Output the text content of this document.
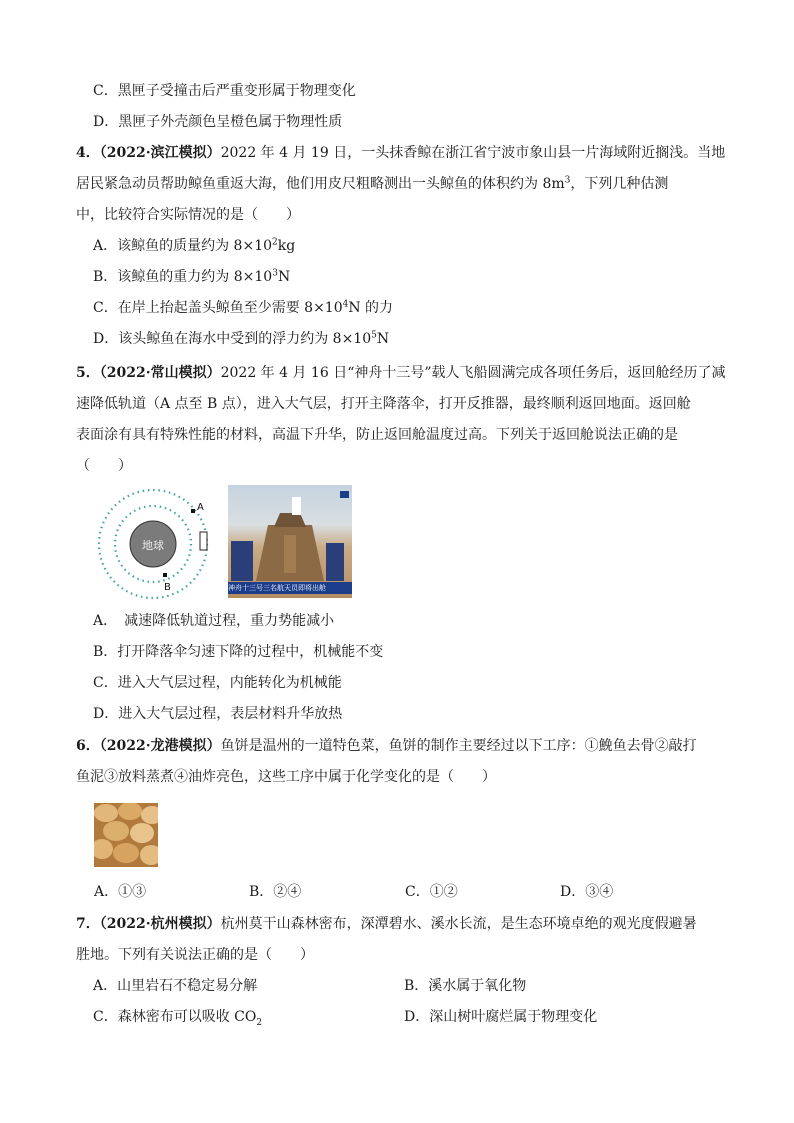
C．黑匣子受撞击后严重变形属于物理变化
D．黑匣子外壳颜色呈橙色属于物理性质
4．（2022·滨江模拟）2022 年 4 月 19 日，一头抹香鲸在浙江省宁波市象山县一片海域附近搁浅。当地
居民紧急动员帮助鲸鱼重返大海，他们用皮尺粗略测出一头鲸鱼的体积约为 $8m^3$，下列几种估测
中，比较符合实际情况的是（　　）
A．该鲸鱼的质量约为 $8\times 10^2kg$
B．该鲸鱼的重力约为 $8\times 10^3N$
C．在岸上抬起盖头鲸鱼至少需要 $8\times 10^4N$ 的力
D．该头鲸鱼在海水中受到的浮力约为 $8\times 10^5N$
5．（2022·常山模拟）2022 年 4 月 16 日“神舟十三号”载人飞船圆满完成各项任务后，返回舱经历了减
速降低轨道（A 点至 B 点），进入大气层，打开主降落伞，打开反推器，最终顺利返回地面。返回舱
表面涂有具有特殊性能的材料，高温下升华，防止返回舱温度过高。下列关于返回舱说法正确的是
（　　）
地球
A
B	神舟十三号三名航天员即将出舱
A．　减速降低轨道过程，重力势能减小
B．打开降落伞匀速下降的过程中，机械能不变
C．进入大气层过程，内能转化为机械能
D．进入大气层过程，表层材料升华放热
6．（2022·龙港模拟）鱼饼是温州的一道特色菜，鱼饼的制作主要经过以下工序：①鮸鱼去骨②敲打
鱼泥③放料蒸煮④油炸亮色，这些工序中属于化学变化的是（　　）
A．①③	B．②④	C．①②	D．③④
7．（2022·杭州模拟）杭州莫干山森林密布，深潭碧水、溪水长流，是生态环境卓绝的观光度假避暑
胜地。下列有关说法正确的是（　　）
A．山里岩石不稳定易分解	B．溪水属于氧化物
C．森林密布可以吸收 $CO_2$	D．深山树叶腐烂属于物理变化
